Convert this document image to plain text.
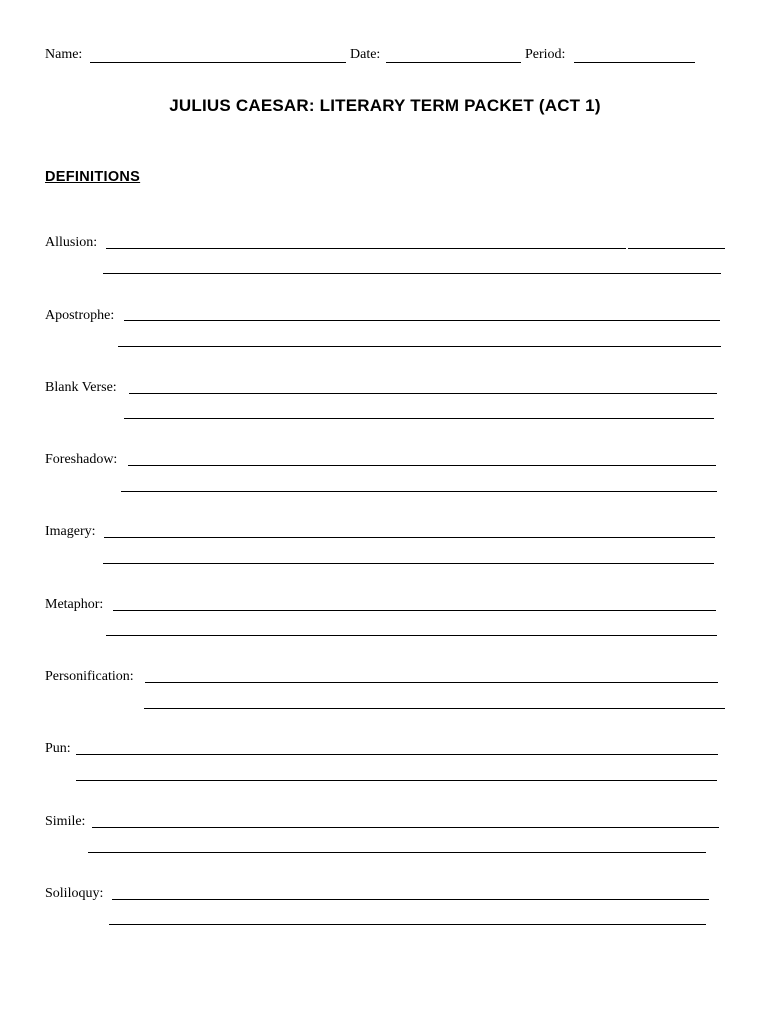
Name:	Date:	Period:
JULIUS CAESAR: LITERARY TERM PACKET (ACT 1)
DEFINITIONS
Allusion:
Apostrophe:
Blank Verse:
Foreshadow:
Imagery:
Metaphor:
Personification:
Pun:
Simile:
Soliloquy:
